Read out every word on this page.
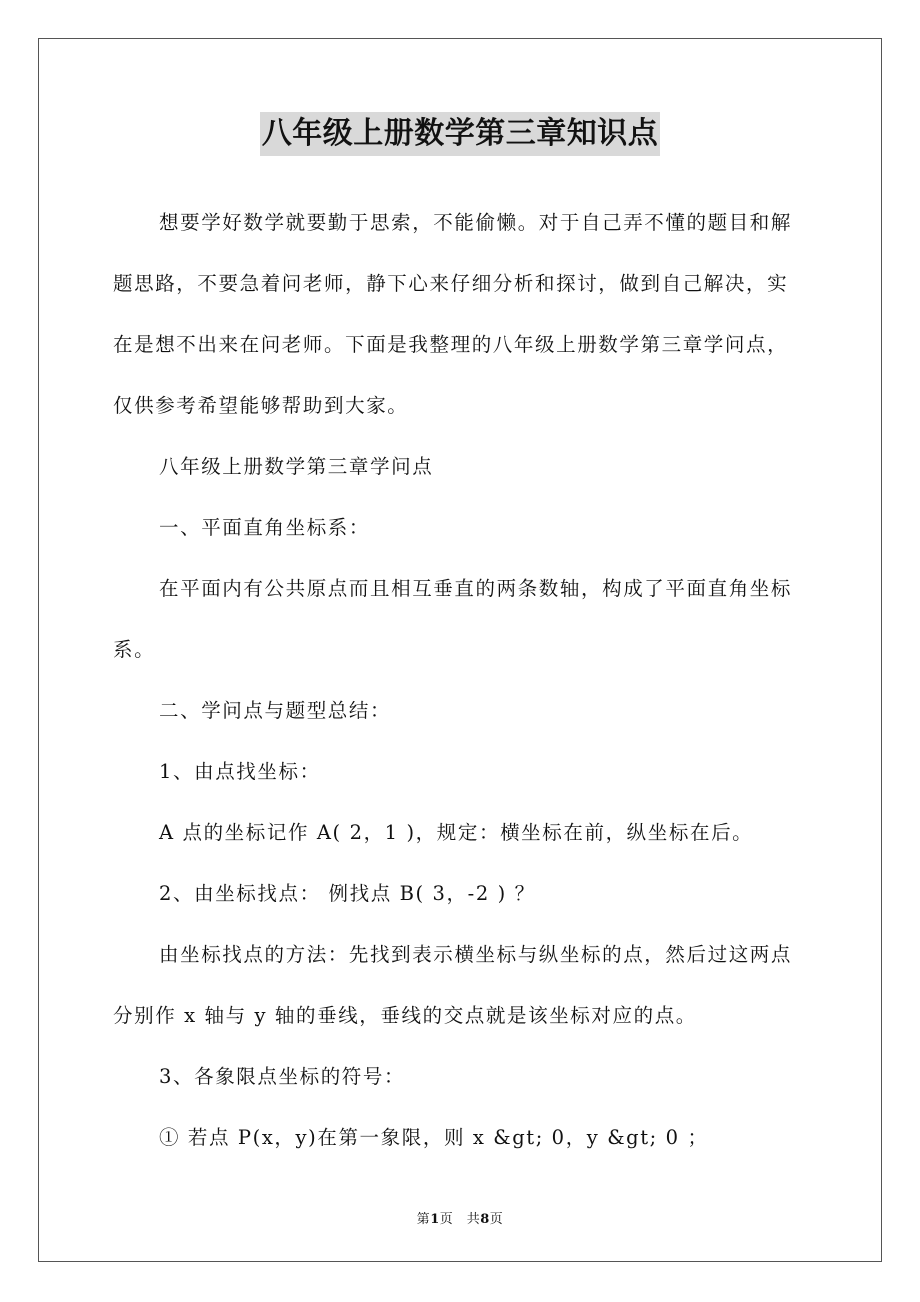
八年级上册数学第三章知识点

想要学好数学就要勤于思索，不能偷懒。对于自己弄不懂的题目和解题思路，不要急着问老师，静下心来仔细分析和探讨，做到自己解决，实在是想不出来在问老师。下面是我整理的八年级上册数学第三章学问点，仅供参考希望能够帮助到大家。

八年级上册数学第三章学问点

一、平面直角坐标系：

在平面内有公共原点而且相互垂直的两条数轴，构成了平面直角坐标系。

二、学问点与题型总结：

1、由点找坐标：

A 点的坐标记作 A( 2，1 )，规定：横坐标在前，纵坐标在后。

2、由坐标找点： 例找点 B( 3，-2 ) ？

由坐标找点的方法：先找到表示横坐标与纵坐标的点，然后过这两点分别作 x 轴与 y 轴的垂线，垂线的交点就是该坐标对应的点。

3、各象限点坐标的符号：

① 若点 P(x，y)在第一象限，则 x &gt; 0，y &gt; 0 ；

第1页　共8页
